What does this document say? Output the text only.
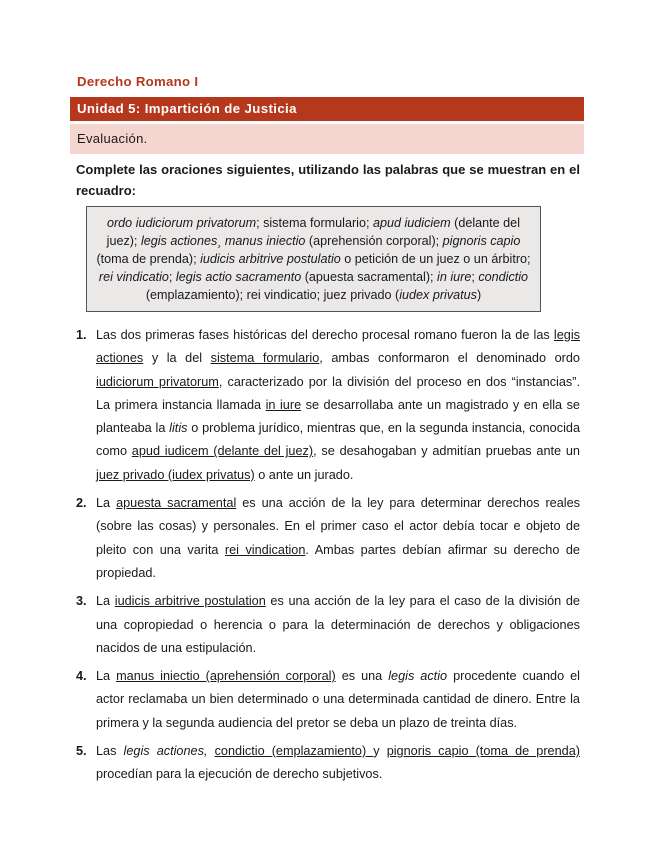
Derecho Romano I
Unidad 5: Impartición de Justicia
Evaluación.
Complete las oraciones siguientes, utilizando las palabras que se muestran en el recuadro:

ordo iudiciorum privatorum; sistema formulario; apud iudiciem (delante del juez); legis actiones¸ manus iniectio (aprehensión corporal); pignoris capio (toma de prenda); iudicis arbitrive postulatio o petición de un juez o un árbitro; rei vindicatio; legis actio sacramento (apuesta sacramental); in iure; condictio (emplazamiento); rei vindicatio; juez privado (iudex privatus)

1. Las dos primeras fases históricas del derecho procesal romano fueron la de las legis actiones y la del sistema formulario, ambas conformaron el denominado ordo iudiciorum privatorum, caracterizado por la división del proceso en dos “instancias”. La primera instancia llamada in iure se desarrollaba ante un magistrado y en ella se planteaba la litis o problema jurídico, mientras que, en la segunda instancia, conocida como apud iudicem (delante del juez), se desahogaban y admitían pruebas ante un juez privado (iudex privatus) o ante un jurado.
2. La apuesta sacramental es una acción de la ley para determinar derechos reales (sobre las cosas) y personales. En el primer caso el actor debía tocar e objeto de pleito con una varita rei vindication. Ambas partes debían afirmar su derecho de propiedad.
3. La iudicis arbitrive postulation es una acción de la ley para el caso de la división de una copropiedad o herencia o para la determinación de derechos y obligaciones nacidos de una estipulación.
4. La manus iniectio (aprehensión corporal) es una legis actio procedente cuando el actor reclamaba un bien determinado o una determinada cantidad de dinero. Entre la primera y la segunda audiencia del pretor se deba un plazo de treinta días.
5. Las legis actiones, condictio (emplazamiento) y pignoris capio (toma de prenda) procedían para la ejecución de derecho subjetivos.
